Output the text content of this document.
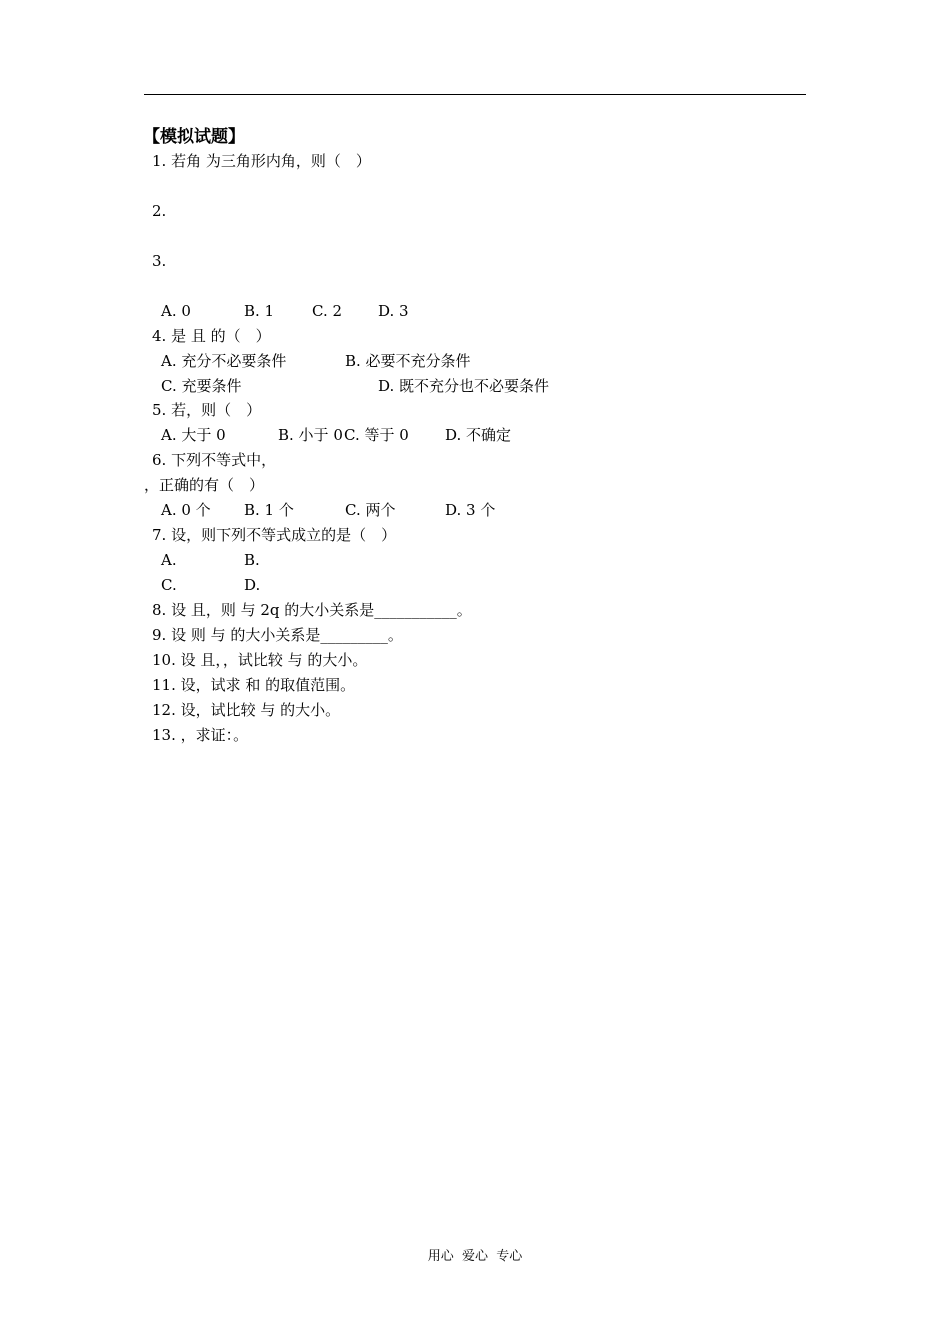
【模拟试题】
1. 若角 为三角形内角，则（　）
2.
3.
A. 0	B. 1	C. 2 D. 3
4. 是 且 的（　）
A. 充分不必要条件	B. 必要不充分条件
C. 充要条件	D. 既不充分也不必要条件
5. 若，则（　）
A. 大于 0	B. 小于 0 C. 等于 0 D. 不确定
6. 下列不等式中，
，正确的有（　）
A. 0 个 B. 1 个	C. 两个	D. 3 个
7. 设，则下列不等式成立的是（　）
A.	B.
C.	D.
8. 设 且，则 与 2q 的大小关系是___________。
9. 设 则 与 的大小关系是_________。
10. 设 且，，试比较 与 的大小。
11. 设，试求 和 的取值范围。
12. 设，试比较 与 的大小。
13. ，求证：。
用心  爱心  专心
